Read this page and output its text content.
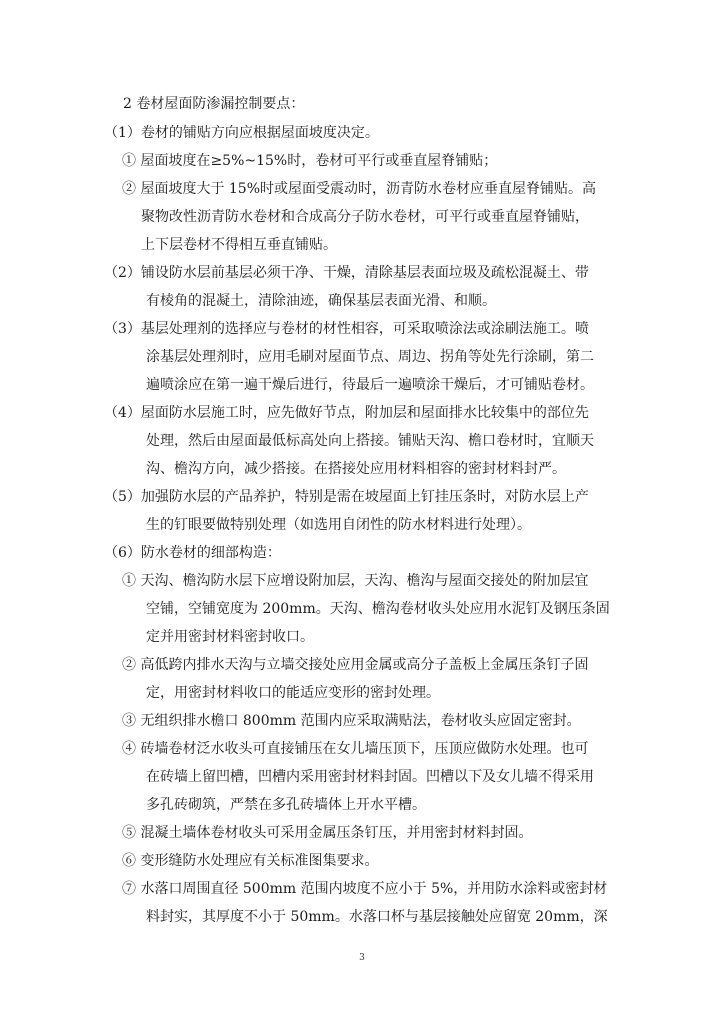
2 卷材屋面防渗漏控制要点：
（1）卷材的铺贴方向应根据屋面坡度决定。
① 屋面坡度在≥5%~15%时，卷材可平行或垂直屋脊铺贴；
② 屋面坡度大于 15%时或屋面受震动时，沥青防水卷材应垂直屋脊铺贴。高
聚物改性沥青防水卷材和合成高分子防水卷材，可平行或垂直屋脊铺贴，
上下层卷材不得相互垂直铺贴。
（2）铺设防水层前基层必须干净、干燥，清除基层表面垃圾及疏松混凝土、带
有棱角的混凝土，清除油迹，确保基层表面光滑、和顺。
（3）基层处理剂的选择应与卷材的材性相容，可采取喷涂法或涂刷法施工。喷
涂基层处理剂时，应用毛刷对屋面节点、周边、拐角等处先行涂刷，第二
遍喷涂应在第一遍干燥后进行，待最后一遍喷涂干燥后，才可铺贴卷材。
（4）屋面防水层施工时，应先做好节点，附加层和屋面排水比较集中的部位先
处理，然后由屋面最低标高处向上搭接。铺贴天沟、檐口卷材时，宜顺天
沟、檐沟方向，减少搭接。在搭接处应用材料相容的密封材料封严。
（5）加强防水层的产品养护，特别是需在坡屋面上钉挂压条时，对防水层上产
生的钉眼要做特别处理（如选用自闭性的防水材料进行处理）。
（6）防水卷材的细部构造：
① 天沟、檐沟防水层下应增设附加层，天沟、檐沟与屋面交接处的附加层宜
空铺，空铺宽度为 200mm。天沟、檐沟卷材收头处应用水泥钉及钢压条固
定并用密封材料密封收口。
② 高低跨内排水天沟与立墙交接处应用金属或高分子盖板上金属压条钉子固
定，用密封材料收口的能适应变形的密封处理。
③ 无组织排水檐口 800mm 范围内应采取满贴法，卷材收头应固定密封。
④ 砖墙卷材泛水收头可直接铺压在女儿墙压顶下，压顶应做防水处理。也可
在砖墙上留凹槽，凹槽内采用密封材料封固。凹槽以下及女儿墙不得采用
多孔砖砌筑，严禁在多孔砖墙体上开水平槽。
⑤ 混凝土墙体卷材收头可采用金属压条钉压，并用密封材料封固。
⑥ 变形缝防水处理应有关标准图集要求。
⑦ 水落口周围直径 500mm 范围内坡度不应小于 5%，并用防水涂料或密封材
料封实，其厚度不小于 50mm。水落口杯与基层接触处应留宽 20mm，深
3
